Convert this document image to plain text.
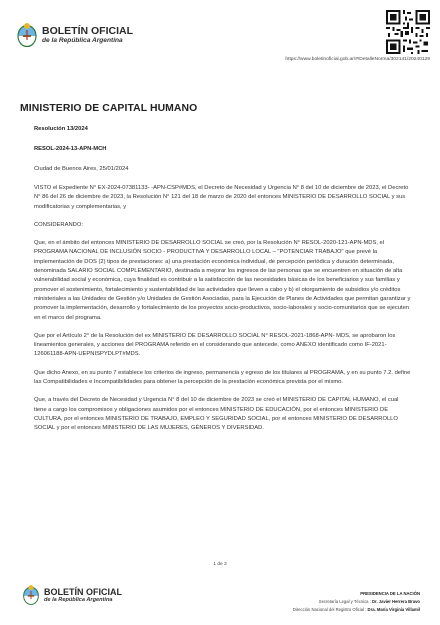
BOLETÍN OFICIAL
de la República Argentina
https://www.boletinoficial.gob.ar/#!DetalleNorma/302141/20240129
MINISTERIO DE CAPITAL HUMANO
Resolución 13/2024
RESOL-2024-13-APN-MCH
Ciudad de Buenos Aires, 25/01/2024

VISTO el Expediente N° EX-2024-07381133- -APN-CSP#MDS, el Decreto de Necesidad y Urgencia N° 8 del 10 de diciembre de 2023, el Decreto N° 86 del 26 de diciembre de 2023, la Resolución N° 121 del 18 de marzo de 2020 del entonces MINISTERIO DE DESARROLLO SOCIAL y sus modificatorias y complementarias, y

CONSIDERANDO:

Que, en el ámbito del entonces MINISTERIO DE DESARROLLO SOCIAL se creó, por la Resolución N° RESOL-2020-121-APN-MDS, el PROGRAMA NACIONAL DE INCLUSIÓN SOCIO - PRODUCTIVA Y DESARROLLO LOCAL – "POTENCIAR TRABAJO" que prevé la implementación de DOS (2) tipos de prestaciones: a) una prestación económica individual, de percepción periódica y duración determinada, denominada SALARIO SOCIAL COMPLEMENTARIO, destinada a mejorar los ingresos de las personas que se encuentren en situación de alta vulnerabilidad social y económica, cuya finalidad es contribuir a la satisfacción de las necesidades básicas de los beneficiarios y sus familias y promover el sostenimiento, fortalecimiento y sustentabilidad de las actividades que lleven a cabo y b) el otorgamiento de subsidios y/o créditos ministeriales a las Unidades de Gestión y/o Unidades de Gestión Asociadas, para la Ejecución de Planes de Actividades que permitan garantizar y promover la implementación, desarrollo y fortalecimiento de los proyectos socio-productivos, socio-laborales y socio-comunitarios que se ejecuten en el marco del programa.

Que por el Artículo 2° de la Resolución del ex MINISTERIO DE DESARROLLO SOCIAL N° RESOL-2021-1868-APN- MDS, se aprobaron los lineamientos generales, y acciones del PROGRAMA referido en el considerando que antecede, como ANEXO identificado como IF-2021-126061188-APN-UEPNISPYDLPT#MDS.

Que dicho Anexo, en su punto 7 establece los criterios de ingreso, permanencia y egreso de los titulares al PROGRAMA, y en su punto 7.2. define las Compatibilidades e Incompatibilidades para obtener la percepción de la prestación económica prevista por el mismo.

Que, a través del Decreto de Necesidad y Urgencia N° 8 del 10 de diciembre de 2023 se creó el MINISTERIO DE CAPITAL HUMANO, el cual tiene a cargo los compromisos y obligaciones asumidos por el entonces MINISTERIO DE EDUCACIÓN, por el entonces MINISTERIO DE CULTURA, por el entonces MINISTERIO DE TRABAJO, EMPLEO Y SEGURIDAD SOCIAL, por el entonces MINISTERIO DE DESARROLLO SOCIAL y por el entonces MINISTERIO DE LAS MUJERES, GÉNEROS Y DIVERSIDAD.

1 de 3
BOLETÍN OFICIAL
de la República Argentina
PRESIDENCIA DE LA NACIÓN
Secretaría Legal y Técnica : Dr. Javier Herrera Bravo
Dirección Nacional del Registro Oficial : Dra. María Virginia Villamil
